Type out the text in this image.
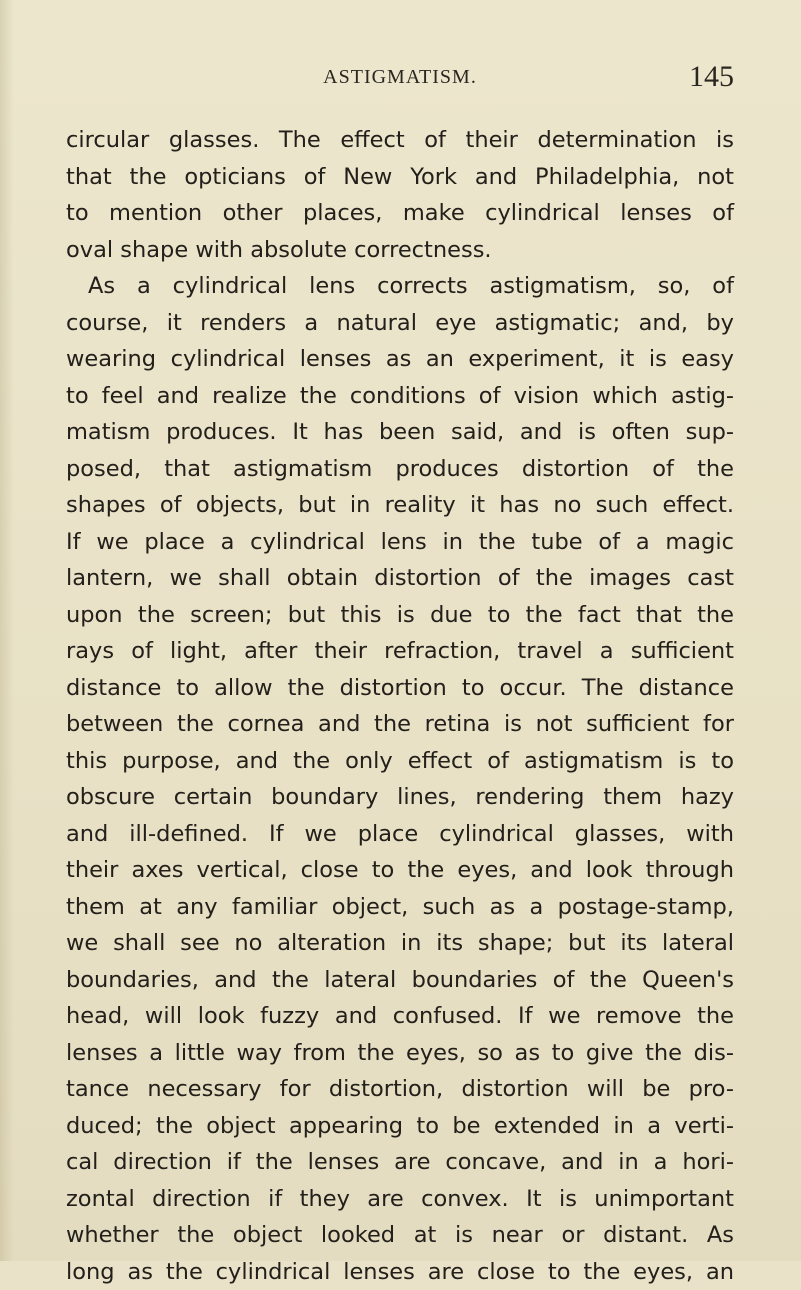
ASTIGMATISM.	145
circular glasses. The effect of their determination is
that the opticians of New York and Philadelphia, not
to mention other places, make cylindrical lenses of
oval shape with absolute correctness.
As a cylindrical lens corrects astigmatism, so, of
course, it renders a natural eye astigmatic; and, by
wearing cylindrical lenses as an experiment, it is easy
to feel and realize the conditions of vision which astig-
matism produces. It has been said, and is often sup-
posed, that astigmatism produces distortion of the
shapes of objects, but in reality it has no such effect.
If we place a cylindrical lens in the tube of a magic
lantern, we shall obtain distortion of the images cast
upon the screen; but this is due to the fact that the
rays of light, after their refraction, travel a sufficient
distance to allow the distortion to occur. The distance
between the cornea and the retina is not sufficient for
this purpose, and the only effect of astigmatism is to
obscure certain boundary lines, rendering them hazy
and ill-defined. If we place cylindrical glasses, with
their axes vertical, close to the eyes, and look through
them at any familiar object, such as a postage-stamp,
we shall see no alteration in its shape; but its lateral
boundaries, and the lateral boundaries of the Queen's
head, will look fuzzy and confused. If we remove the
lenses a little way from the eyes, so as to give the dis-
tance necessary for distortion, distortion will be pro-
duced; the object appearing to be extended in a verti-
cal direction if the lenses are concave, and in a hori-
zontal direction if they are convex. It is unimportant
whether the object looked at is near or distant. As
long as the cylindrical lenses are close to the eyes, an
